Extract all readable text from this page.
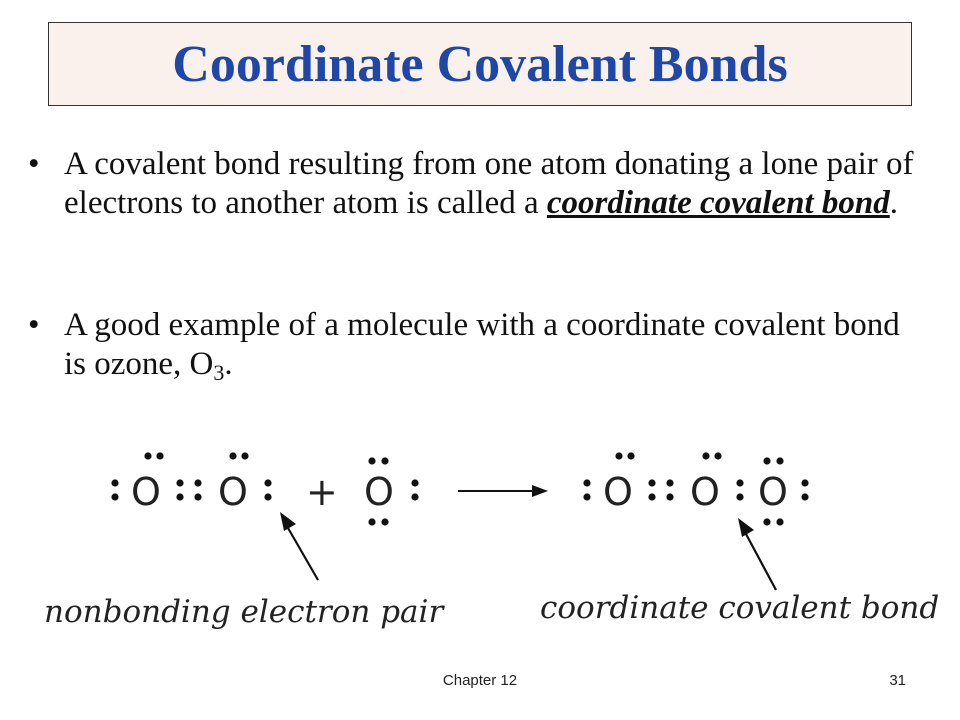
Coordinate Covalent Bonds
• A covalent bond resulting from one atom donating a lone pair of electrons to another atom is called a coordinate covalent bond.
• A good example of a molecule with a coordinate covalent bond is ozone, $O_3$.
O O + O	O O O
nonbonding electron pair	coordinate covalent bond
Chapter 12	31
